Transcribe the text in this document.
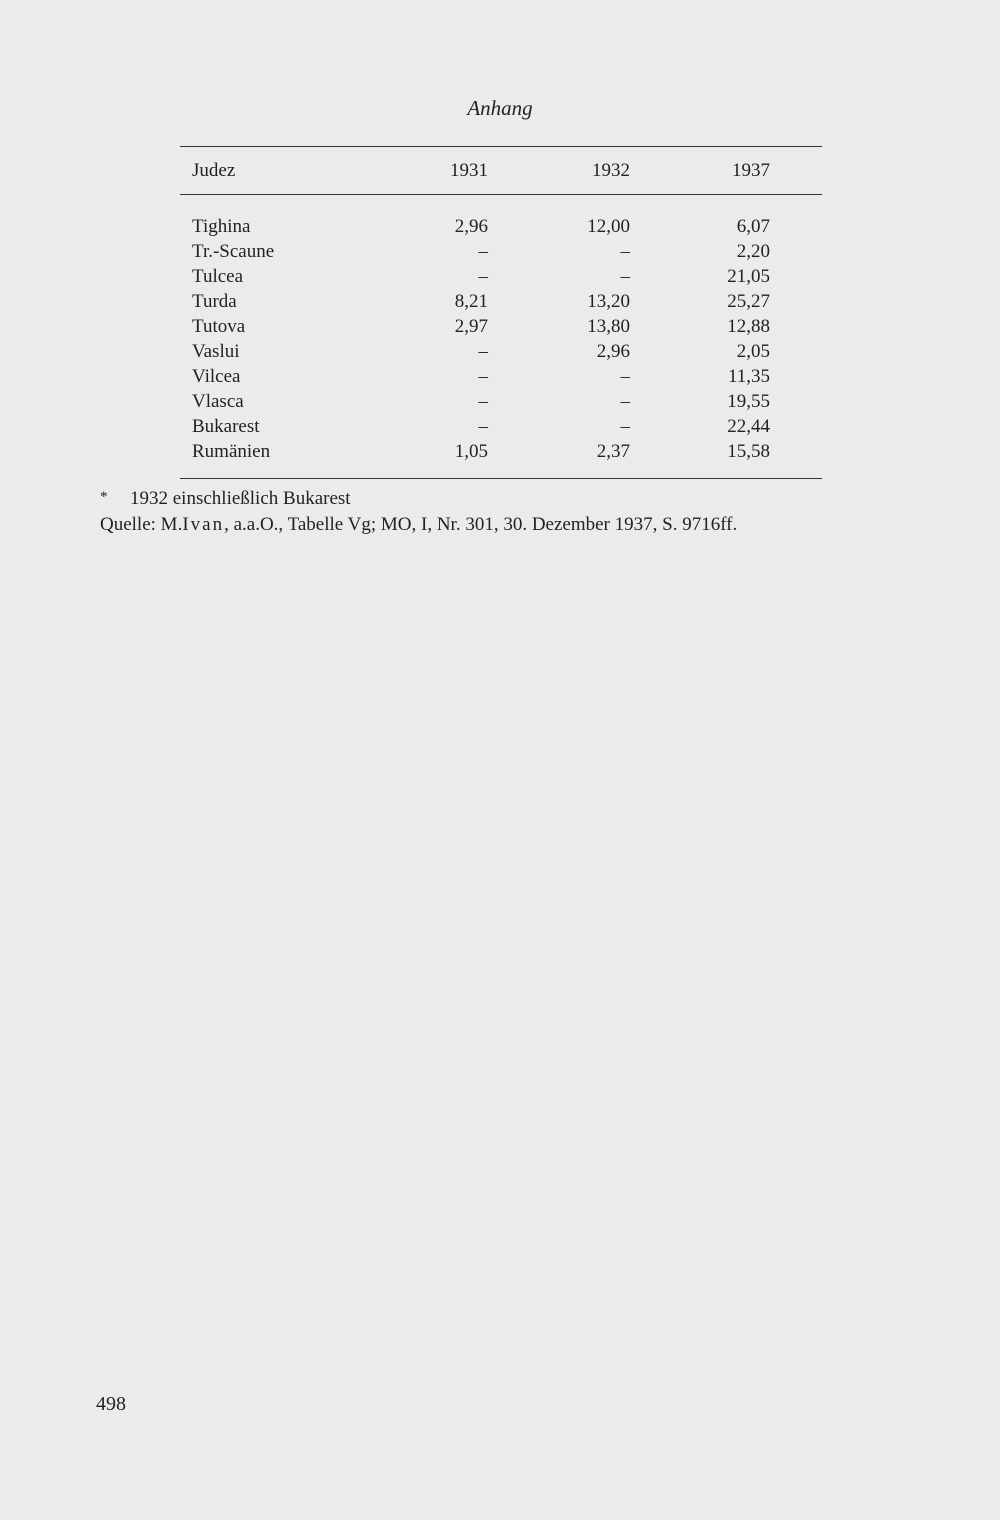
Anhang
Judez	1931	1932	1937
Tighina	2,96	12,00	6,07
Tr.-Scaune	–	–	2,20
Tulcea	–	–	21,05
Turda	8,21	13,20	25,27
Tutova	2,97	13,80	12,88
Vaslui	–	2,96	2,05
Vilcea	–	–	11,35
Vlasca	–	–	19,55
Bukarest	–	–	22,44
Rumänien	1,05	2,37	15,58
* 1932 einschließlich Bukarest
Quelle: M.Ivan, a.a.O., Tabelle Vg; MO, I, Nr. 301, 30. Dezember 1937, S. 9716ff.
498
